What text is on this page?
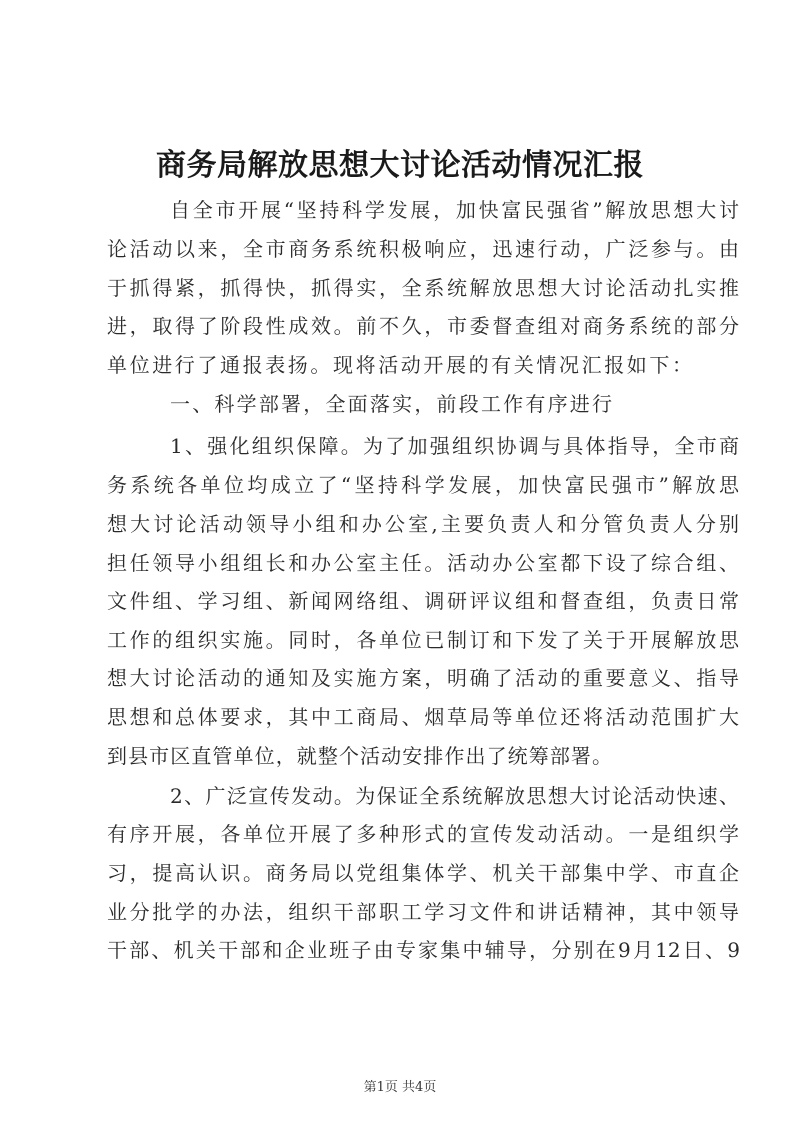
商务局解放思想大讨论活动情况汇报
自全市开展“坚持科学发展，加快富民强省”解放思想大讨
论活动以来，全市商务系统积极响应，迅速行动，广泛参与。由
于抓得紧，抓得快，抓得实，全系统解放思想大讨论活动扎实推
进，取得了阶段性成效。前不久，市委督查组对商务系统的部分
单位进行了通报表扬。现将活动开展的有关情况汇报如下：
一、科学部署，全面落实，前段工作有序进行
1、强化组织保障。为了加强组织协调与具体指导，全市商
务系统各单位均成立了“坚持科学发展，加快富民强市”解放思
想大讨论活动领导小组和办公室,主要负责人和分管负责人分别
担任领导小组组长和办公室主任。活动办公室都下设了综合组、
文件组、学习组、新闻网络组、调研评议组和督查组，负责日常
工作的组织实施。同时，各单位已制订和下发了关于开展解放思
想大讨论活动的通知及实施方案，明确了活动的重要意义、指导
思想和总体要求，其中工商局、烟草局等单位还将活动范围扩大
到县市区直管单位，就整个活动安排作出了统筹部署。
2、广泛宣传发动。为保证全系统解放思想大讨论活动快速、
有序开展，各单位开展了多种形式的宣传发动活动。一是组织学
习，提高认识。商务局以党组集体学、机关干部集中学、市直企
业分批学的办法，组织干部职工学习文件和讲话精神，其中领导
干部、机关干部和企业班子由专家集中辅导，分别在9月12日、9
第1页 共4页
